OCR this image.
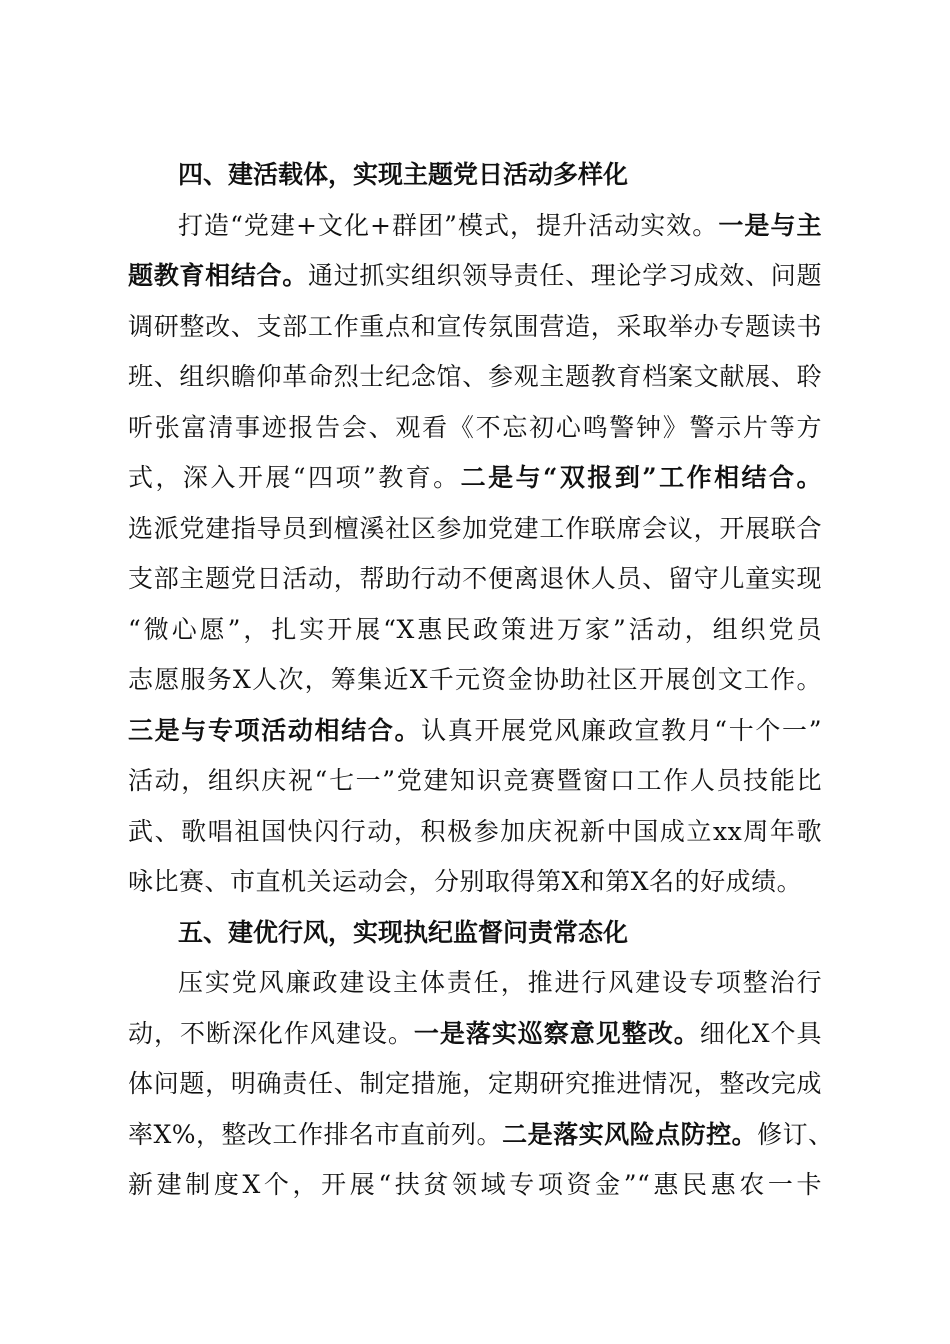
四、建活载体，实现主题党日活动多样化
打造“党建+文化+群团”模式，提升活动实效。一是与主
题教育相结合。通过抓实组织领导责任、理论学习成效、问题
调研整改、支部工作重点和宣传氛围营造，采取举办专题读书
班、组织瞻仰革命烈士纪念馆、参观主题教育档案文献展、聆
听张富清事迹报告会、观看《不忘初心鸣警钟》警示片等方
式，深入开展“四项”教育。二是与“双报到”工作相结合。
选派党建指导员到檀溪社区参加党建工作联席会议，开展联合
支部主题党日活动，帮助行动不便离退休人员、留守儿童实现
“微心愿”，扎实开展“X惠民政策进万家”活动，组织党员
志愿服务X人次，筹集近X千元资金协助社区开展创文工作。
三是与专项活动相结合。认真开展党风廉政宣教月“十个一”
活动，组织庆祝“七一”党建知识竞赛暨窗口工作人员技能比
武、歌唱祖国快闪行动，积极参加庆祝新中国成立xx周年歌
咏比赛、市直机关运动会，分别取得第X和第X名的好成绩。
五、建优行风，实现执纪监督问责常态化
压实党风廉政建设主体责任，推进行风建设专项整治行
动，不断深化作风建设。一是落实巡察意见整改。细化X个具
体问题，明确责任、制定措施，定期研究推进情况，整改完成
率X%，整改工作排名市直前列。二是落实风险点防控。修订、
新建制度X个，开展“扶贫领域专项资金”“惠民惠农一卡
